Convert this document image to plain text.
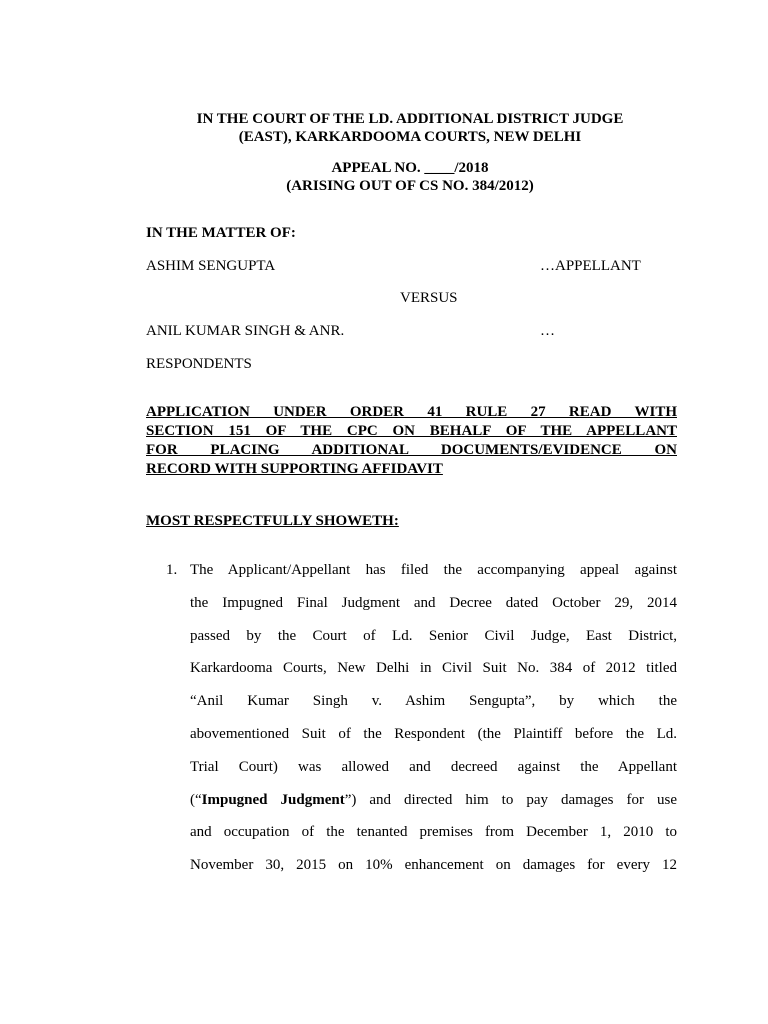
IN THE COURT OF THE LD. ADDITIONAL DISTRICT JUDGE
(EAST), KARKARDOOMA COURTS, NEW DELHI
APPEAL NO. ____/2018
(ARISING OUT OF CS NO. 384/2012)
IN THE MATTER OF:
ASHIM SENGUPTA	…APPELLANT
VERSUS
ANIL KUMAR SINGH & ANR.	…
RESPONDENTS
APPLICATION UNDER ORDER 41 RULE 27 READ WITH
SECTION 151 OF THE CPC ON BEHALF OF THE APPELLANT
FOR PLACING ADDITIONAL DOCUMENTS/EVIDENCE ON
RECORD WITH SUPPORTING AFFIDAVIT
MOST RESPECTFULLY SHOWETH:
1. The Applicant/Appellant has filed the accompanying appeal against
the Impugned Final Judgment and Decree dated October 29, 2014
passed by the Court of Ld. Senior Civil Judge, East District,
Karkardooma Courts, New Delhi in Civil Suit No. 384 of 2012 titled
“Anil Kumar Singh v. Ashim Sengupta”, by which the
abovementioned Suit of the Respondent (the Plaintiff before the Ld.
Trial Court) was allowed and decreed against the Appellant
(“Impugned Judgment”) and directed him to pay damages for use
and occupation of the tenanted premises from December 1, 2010 to
November 30, 2015 on 10% enhancement on damages for every 12
